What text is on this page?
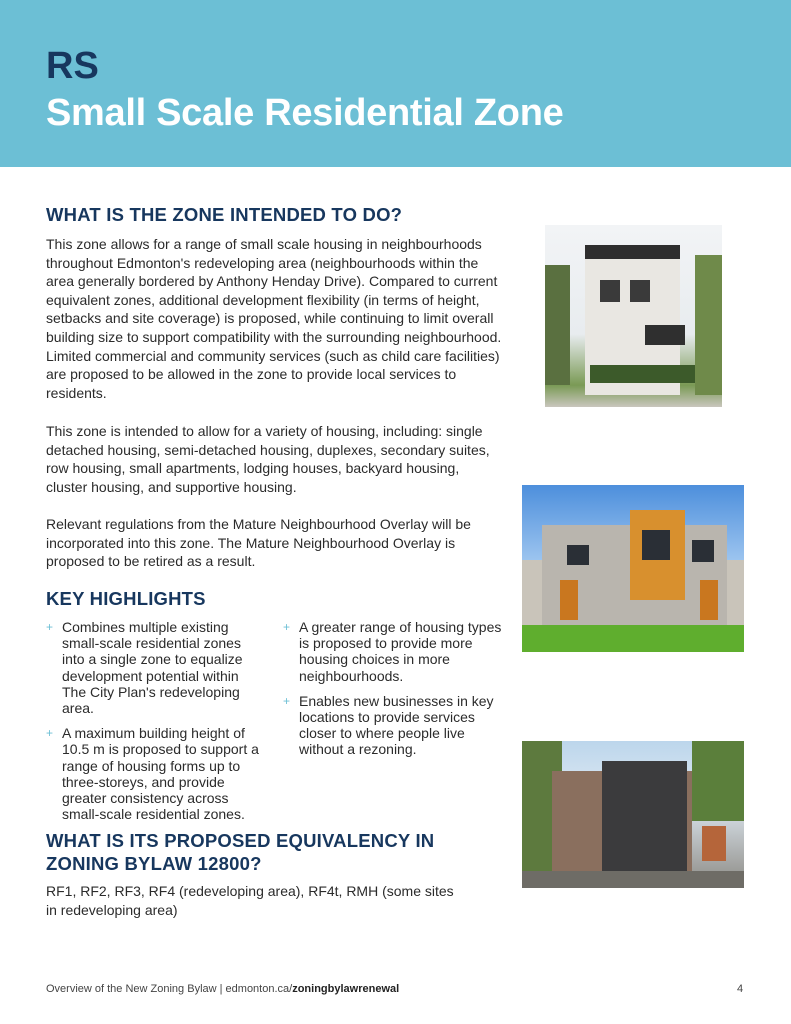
RS
Small Scale Residential Zone
WHAT IS THE ZONE INTENDED TO DO?

This zone allows for a range of small scale housing in neighbourhoods throughout Edmonton's redeveloping area (neighbourhoods within the area generally bordered by Anthony Henday Drive). Compared to current equivalent zones, additional development flexibility (in terms of height, setbacks and site coverage) is proposed, while continuing to limit overall building size to support compatibility with the surrounding neighbourhood. Limited commercial and community services (such as child care facilities) are proposed to be allowed in the zone to provide local services to residents.

This zone is intended to allow for a variety of housing, including: single detached housing, semi-detached housing, duplexes, secondary suites, row housing, small apartments, lodging houses, backyard housing, cluster housing, and supportive housing.

Relevant regulations from the Mature Neighbourhood Overlay will be incorporated into this zone. The Mature Neighbourhood Overlay is proposed to be retired as a result.

KEY HIGHLIGHTS
+ Combines multiple existing small-scale residential zones into a single zone to equalize development potential within The City Plan's redeveloping area.
+ A maximum building height of 10.5 m is proposed to support a range of housing forms up to three-storeys, and provide greater consistency across small-scale residential zones.
+ A greater range of housing types is proposed to provide more housing choices in more neighbourhoods.
+ Enables new businesses in key locations to provide services closer to where people live without a rezoning.
WHAT IS ITS PROPOSED EQUIVALENCY IN ZONING BYLAW 12800?

RF1, RF2, RF3, RF4 (redeveloping area), RF4t, RMH (some sites in redeveloping area)

Overview of the New Zoning Bylaw | edmonton.ca/zoningbylawrenewal	4
